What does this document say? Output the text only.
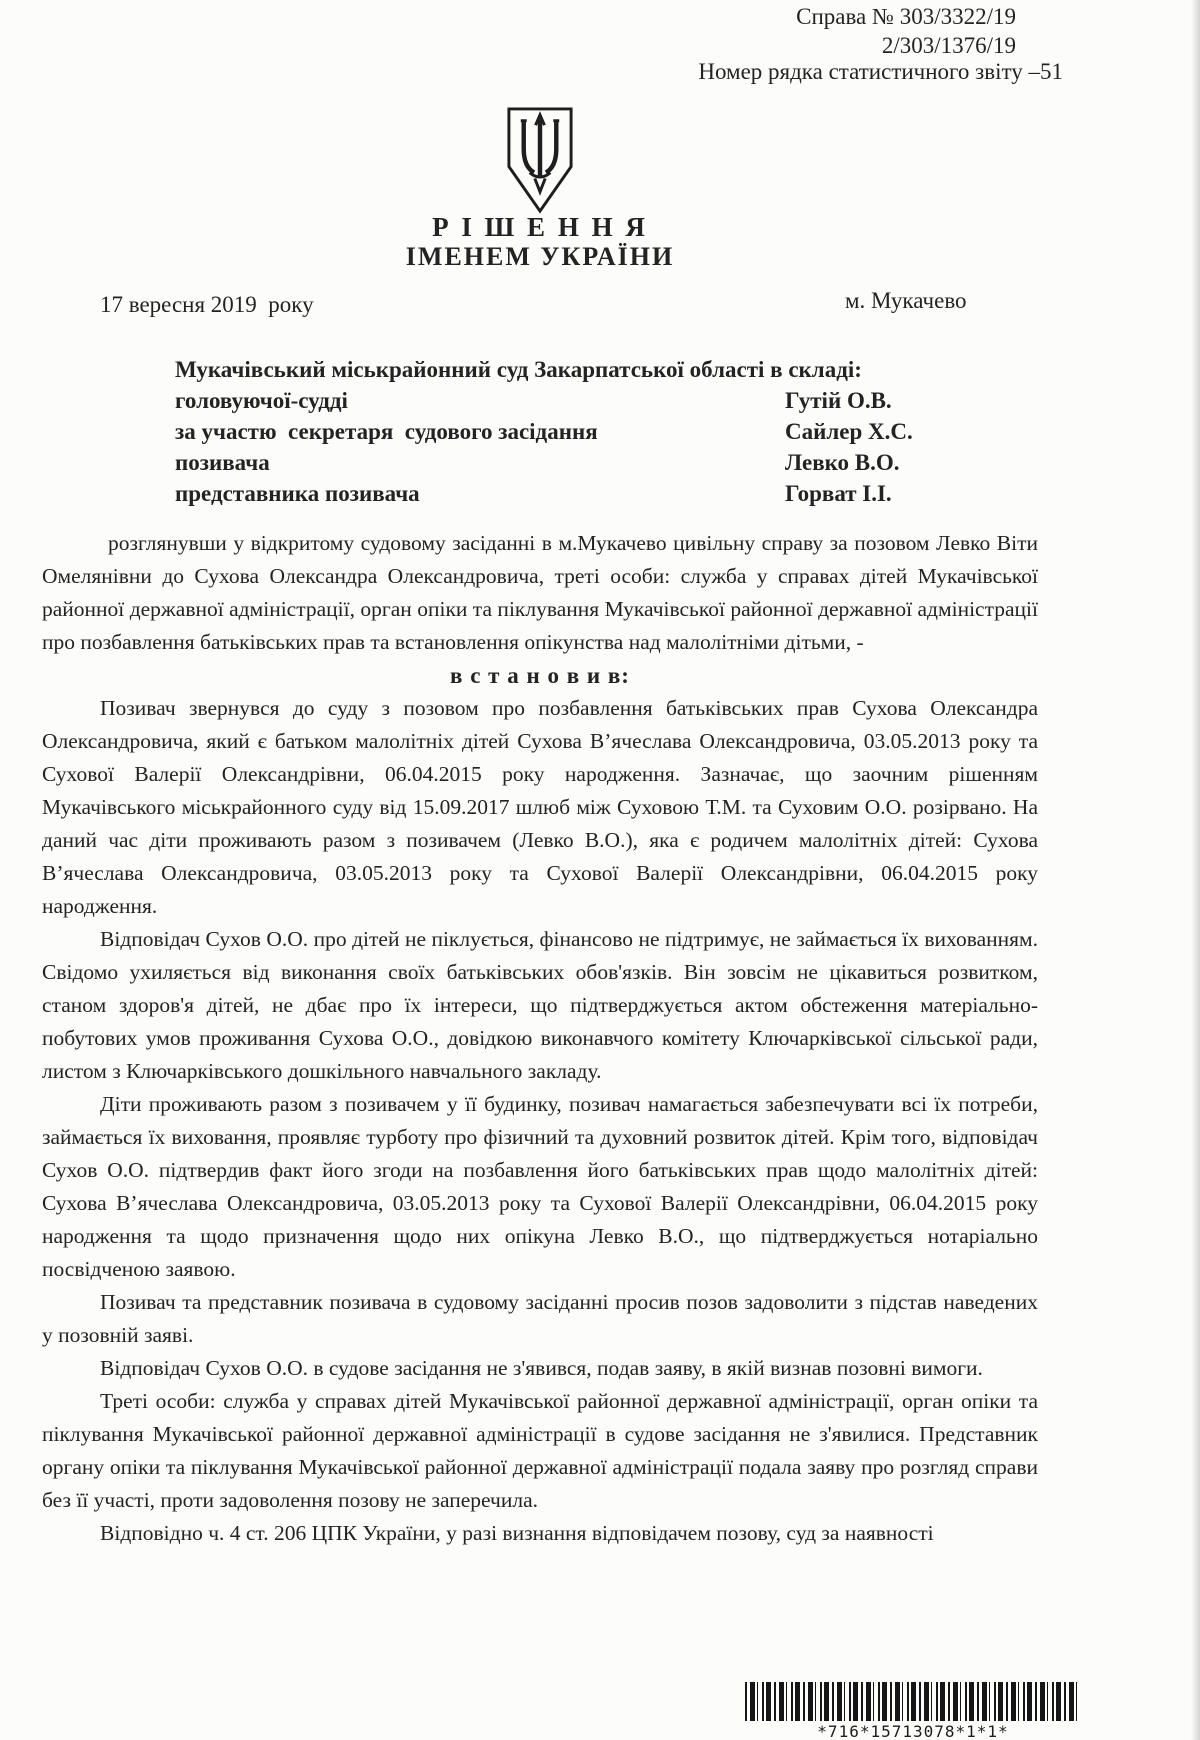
Справа № 303/3322/19
2/303/1376/19
Номер рядка статистичного звіту –51
Р І Ш Е Н Н Я
ІМЕНЕМ УКРАЇНИ
17 вересня 2019  року	м. Мукачево
Мукачівський міськрайонний суд Закарпатської області в складі:
головуючої-судді	Гутій О.В.
за участю  секретаря  судового засідання	Сайлер Х.С.
позивача	Левко В.О.
представника позивача	Горват І.І.

розглянувши у відкритому судовому засіданні в м.Мукачево цивільну справу за позовом Левко Віти Омелянівни до Сухова Олександра Олександровича, треті особи: служба у справах дітей Мукачівської районної державної адміністрації, орган опіки та піклування Мукачівської районної державної адміністрації про позбавлення батьківських прав та встановлення опікунства над малолітніми дітьми, -

в с т а н о в и в:

Позивач звернувся до суду з позовом про позбавлення батьківських прав Сухова Олександра Олександровича, який є батьком малолітніх дітей Сухова В’ячеслава Олександровича, 03.05.2013 року та Сухової Валерії Олександрівни, 06.04.2015 року народження. Зазначає, що заочним рішенням Мукачівського міськрайонного суду від 15.09.2017 шлюб між Суховою Т.М. та Суховим О.О. розірвано. На даний час діти проживають разом з позивачем (Левко В.О.), яка є родичем малолітніх дітей: Сухова В’ячеслава Олександровича, 03.05.2013 року та Сухової Валерії Олександрівни, 06.04.2015 року народження.

Відповідач Сухов О.О. про дітей не піклується, фінансово не підтримує, не займається їх вихованням. Свідомо ухиляється від виконання своїх батьківських обов'язків. Він зовсім не цікавиться розвитком, станом здоров'я дітей, не дбає про їх інтереси, що підтверджується актом обстеження матеріально-побутових умов проживання Сухова О.О., довідкою виконавчого комітету Ключарківської сільської ради, листом з Ключарківського дошкільного навчального закладу.

Діти проживають разом з позивачем у її будинку, позивач намагається забезпечувати всі їх потреби, займається їх виховання, проявляє турботу про фізичний та духовний розвиток дітей. Крім того, відповідач Сухов О.О. підтвердив факт його згоди на позбавлення його батьківських прав щодо малолітніх дітей: Сухова В’ячеслава Олександровича, 03.05.2013 року та Сухової Валерії Олександрівни, 06.04.2015 року народження та щодо призначення щодо них опікуна Левко В.О., що підтверджується нотаріально посвідченою заявою.

Позивач та представник позивача в судовому засіданні просив позов задоволити з підстав наведених у позовній заяві.

Відповідач Сухов О.О. в судове засідання не з'явився, подав заяву, в якій визнав позовні вимоги.

Треті особи: служба у справах дітей Мукачівської районної державної адміністрації, орган опіки та піклування Мукачівської районної державної адміністрації в судове засідання не з'явилися. Представник органу опіки та піклування Мукачівської районної державної адміністрації подала заяву про розгляд справи без її участі, проти задоволення позову не заперечила.

Відповідно ч. 4 ст. 206 ЦПК України, у разі визнання відповідачем позову, суд за наявності

*716*15713078*1*1*
